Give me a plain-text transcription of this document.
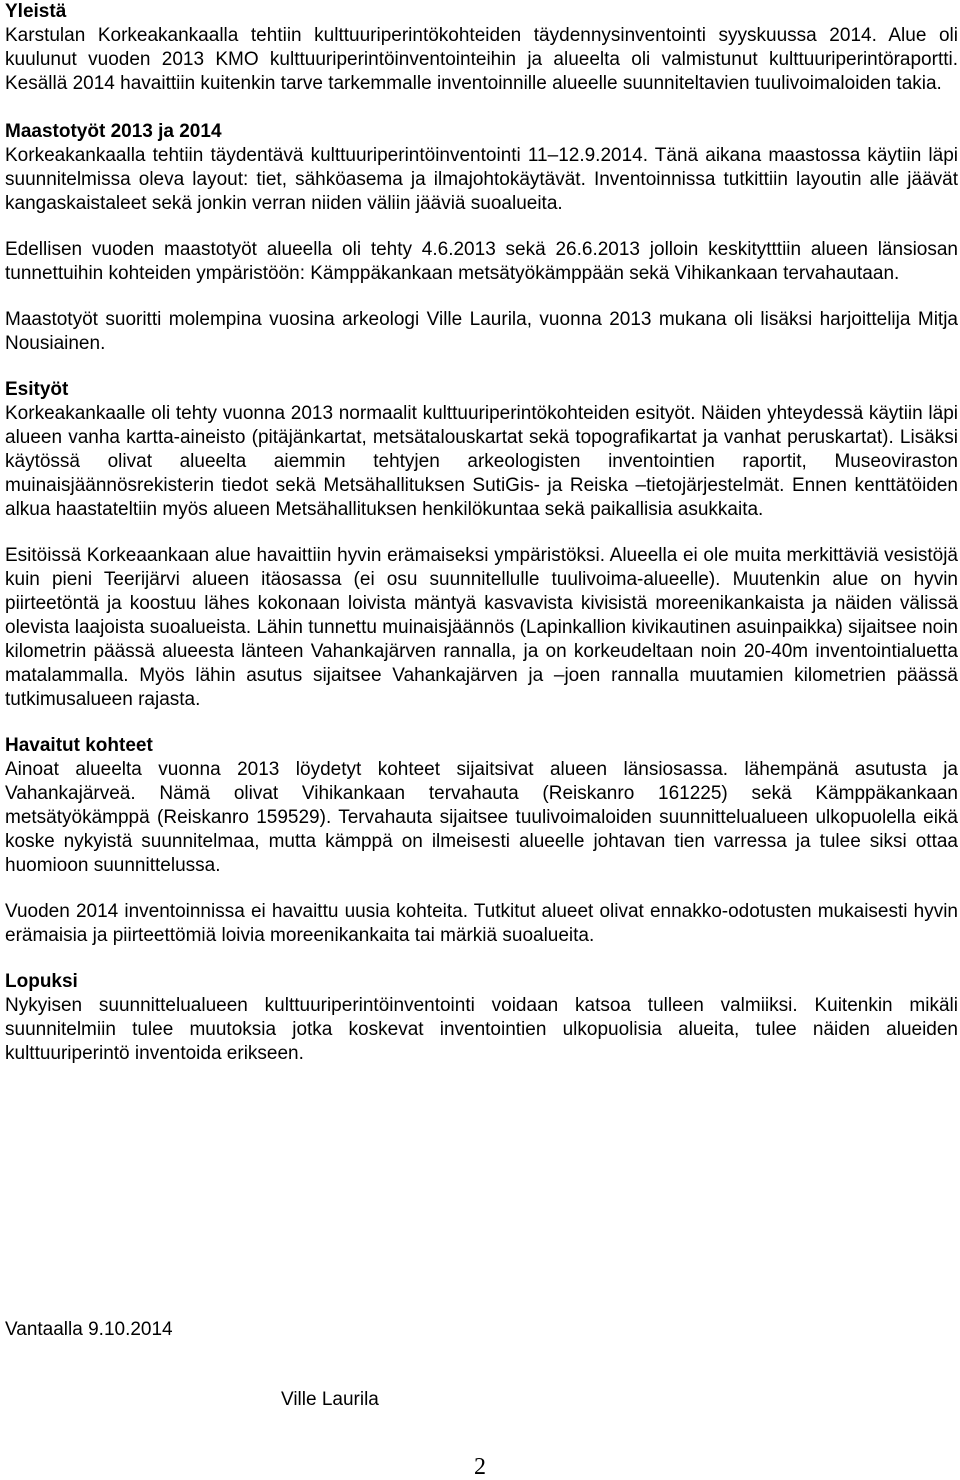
Yleistä

Karstulan Korkeakankaalla tehtiin kulttuuriperintökohteiden täydennysinventointi syyskuussa 2014. Alue oli kuulunut vuoden 2013 KMO kulttuuriperintöinventointeihin ja alueelta oli valmistunut kulttuuriperintöraportti. Kesällä 2014 havaittiin kuitenkin tarve tarkemmalle inventoinnille alueelle suunniteltavien tuulivoimaloiden takia.

Maastotyöt 2013 ja 2014

Korkeakankaalla tehtiin täydentävä kulttuuriperintöinventointi 11–12.9.2014. Tänä aikana maastossa käytiin läpi suunnitelmissa oleva layout: tiet, sähköasema ja ilmajohtokäytävät. Inventoinnissa tutkittiin layoutin alle jäävät kangaskaistaleet sekä jonkin verran niiden väliin jääviä suoalueita.

Edellisen vuoden maastotyöt alueella oli tehty 4.6.2013 sekä 26.6.2013 jolloin keskitytttiin alueen länsiosan tunnettuihin kohteiden ympäristöön: Kämppäkankaan metsätyökämppään sekä Vihikankaan tervahautaan.

Maastotyöt suoritti molempina vuosina arkeologi Ville Laurila, vuonna 2013 mukana oli lisäksi harjoittelija Mitja Nousiainen.

Esityöt

Korkeakankaalle oli tehty vuonna 2013 normaalit kulttuuriperintökohteiden esityöt. Näiden yhteydessä käytiin läpi alueen vanha kartta-aineisto (pitäjänkartat, metsätalouskartat sekä topografikartat ja vanhat peruskartat). Lisäksi käytössä olivat alueelta aiemmin tehtyjen arkeologisten inventointien raportit, Museoviraston muinaisjäännösrekisterin tiedot sekä Metsähallituksen SutiGis- ja Reiska –tietojärjestelmät. Ennen kenttätöiden alkua haastateltiin myös alueen Metsähallituksen henkilökuntaa sekä paikallisia asukkaita.

Esitöissä Korkeaankaan alue havaittiin hyvin erämaiseksi ympäristöksi. Alueella ei ole muita merkittäviä vesistöjä kuin pieni Teerijärvi alueen itäosassa (ei osu suunnitellulle tuulivoima-alueelle). Muutenkin alue on hyvin piirteetöntä ja koostuu lähes kokonaan loivista mäntyä kasvavista kivisistä moreenikankaista ja näiden välissä olevista laajoista suoalueista. Lähin tunnettu muinaisjäännös (Lapinkallion kivikautinen asuinpaikka) sijaitsee noin kilometrin päässä alueesta länteen Vahankajärven rannalla, ja on korkeudeltaan noin 20-40m inventointialuetta matalammalla. Myös lähin asutus sijaitsee Vahankajärven ja –joen rannalla muutamien kilometrien päässä tutkimusalueen rajasta.

Havaitut kohteet

Ainoat alueelta vuonna 2013 löydetyt kohteet sijaitsivat alueen länsiosassa. lähempänä asutusta ja Vahankajärveä. Nämä olivat Vihikankaan tervahauta (Reiskanro 161225) sekä Kämppäkankaan metsätyökämppä (Reiskanro 159529). Tervahauta sijaitsee tuulivoimaloiden suunnittelualueen ulkopuolella eikä koske nykyistä suunnitelmaa, mutta kämppä on ilmeisesti alueelle johtavan tien varressa ja tulee siksi ottaa huomioon suunnittelussa.

Vuoden 2014 inventoinnissa ei havaittu uusia kohteita. Tutkitut alueet olivat ennakko-odotusten mukaisesti hyvin erämaisia ja piirteettömiä loivia moreenikankaita tai märkiä suoalueita.

Lopuksi

Nykyisen suunnittelualueen kulttuuriperintöinventointi voidaan katsoa tulleen valmiiksi. Kuitenkin mikäli suunnitelmiin tulee muutoksia jotka koskevat inventointien ulkopuolisia alueita, tulee näiden alueiden kulttuuriperintö inventoida erikseen.

Vantaalla 9.10.2014
Ville Laurila
2
